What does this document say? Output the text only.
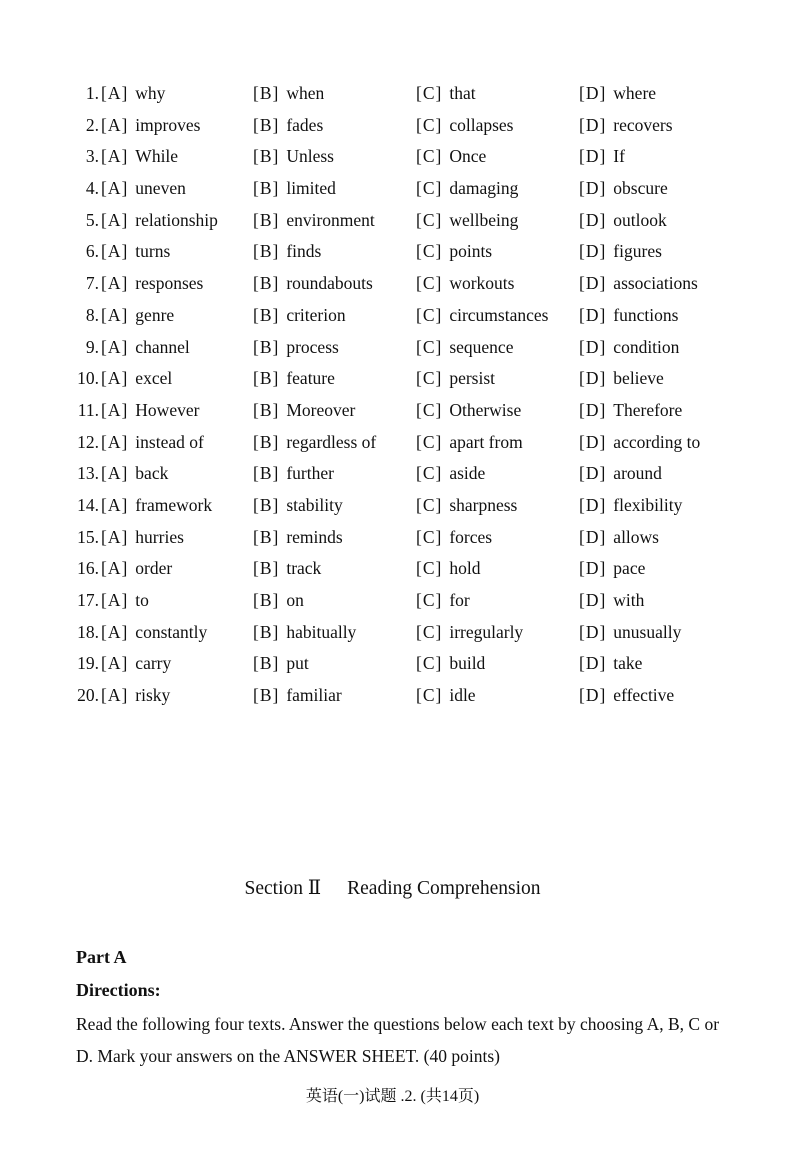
1. [A] why	[B] when	[C] that	[D] where
2. [A] improves	[B] fades	[C] collapses	[D] recovers
3. [A] While	[B] Unless	[C] Once	[D] If
4. [A] uneven	[B] limited	[C] damaging	[D] obscure
5. [A] relationship [B] environment [C] wellbeing	[D] outlook
6. [A] turns	[B] finds	[C] points	[D] figures
7. [A] responses	[B] roundabouts [C] workouts	[D] associations
8. [A] genre	[B] criterion	[C] circumstances [D] functions
9. [A] channel	[B] process	[C] sequence	[D] condition
10. [A] excel	[B] feature	[C] persist	[D] believe
11. [A] However	[B] Moreover	[C] Otherwise	[D] Therefore
12. [A] instead of	[B] regardless of [C] apart from	[D] according to
13. [A] back	[B] further	[C] aside	[D] around
14. [A] framework [B] stability	[C] sharpness	[D] flexibility
15. [A] hurries	[B] reminds	[C] forces	[D] allows
16. [A] order	[B] track	[C] hold	[D] pace
17. [A] to	[B] on	[C] for	[D] with
18. [A] constantly	[B] habitually	[C] irregularly	[D] unusually
19. [A] carry	[B] put	[C] build	[D] take
20. [A] risky	[B] familiar	[C] idle	[D] effective
Section Ⅱ Reading Comprehension
Part A
Directions:
Read the following four texts. Answer the questions below each text by choosing A, B, C or D. Mark your answers on the ANSWER SHEET. (40 points)
英语(一)试题 .2. (共14页)
